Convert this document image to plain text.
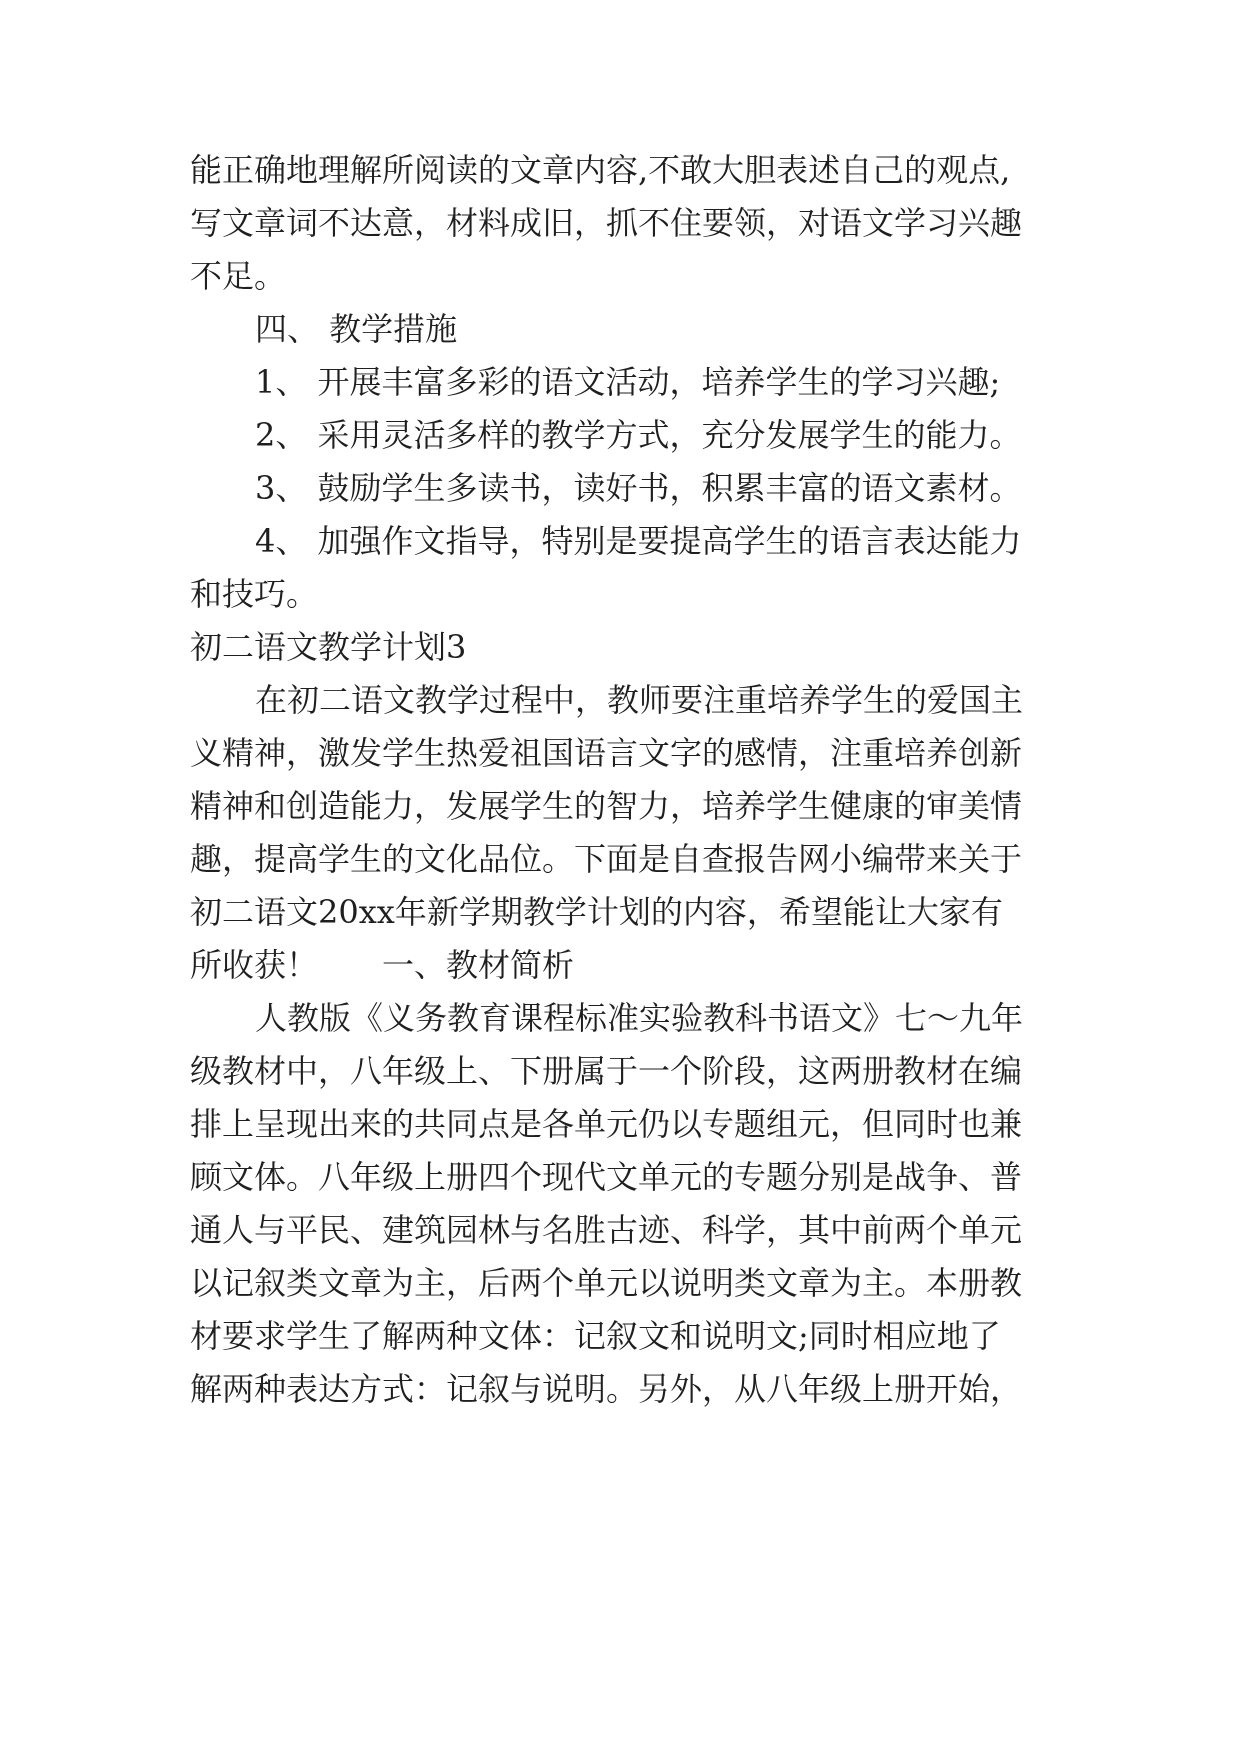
能正确地理解所阅读的文章内容,不敢大胆表述自己的观点,
写文章词不达意，材料成旧，抓不住要领，对语文学习兴趣
不足。
四、 教学措施
1、 开展丰富多彩的语文活动，培养学生的学习兴趣;
2、 采用灵活多样的教学方式，充分发展学生的能力。
3、 鼓励学生多读书，读好书，积累丰富的语文素材。
4、 加强作文指导，特别是要提高学生的语言表达能力
和技巧。
初二语文教学计划3
在初二语文教学过程中，教师要注重培养学生的爱国主
义精神，激发学生热爱祖国语言文字的感情，注重培养创新
精神和创造能力，发展学生的智力，培养学生健康的审美情
趣，提高学生的文化品位。下面是自查报告网小编带来关于
初二语文20xx年新学期教学计划的内容，希望能让大家有
所收获！　　一、教材简析
人教版《义务教育课程标准实验教科书语文》七～九年
级教材中，八年级上、下册属于一个阶段，这两册教材在编
排上呈现出来的共同点是各单元仍以专题组元，但同时也兼
顾文体。八年级上册四个现代文单元的专题分别是战争、普
通人与平民、建筑园林与名胜古迹、科学，其中前两个单元
以记叙类文章为主，后两个单元以说明类文章为主。本册教
材要求学生了解两种文体：记叙文和说明文;同时相应地了
解两种表达方式：记叙与说明。另外，从八年级上册开始，
